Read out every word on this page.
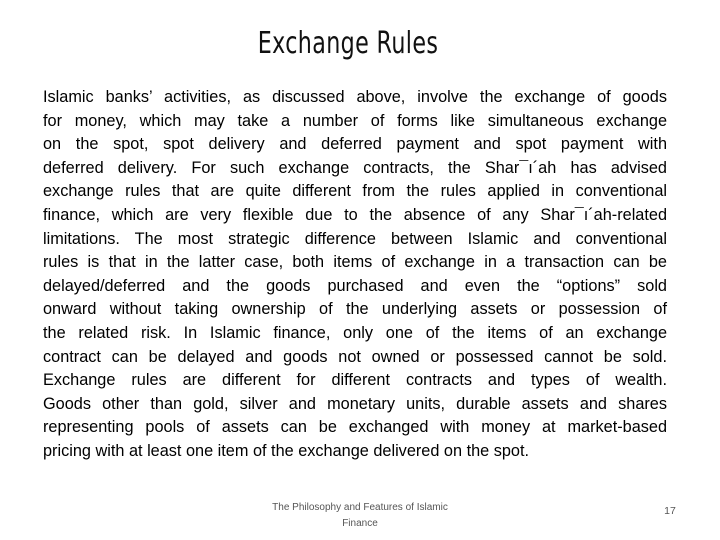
Exchange Rules

Islamic banks’ activities, as discussed above, involve the exchange of goods
for money, which may take a number of forms like simultaneous exchange
on the spot, spot delivery and deferred payment and spot payment with
deferred delivery. For such exchange contracts, the Shar¯ı´ah has advised
exchange rules that are quite different from the rules applied in conventional
finance, which are very flexible due to the absence of any Shar¯ı´ah-related
limitations. The most strategic difference between Islamic and conventional
rules is that in the latter case, both items of exchange in a transaction can be
delayed/deferred and the goods purchased and even the “options” sold
onward without taking ownership of the underlying assets or possession of
the related risk. In Islamic finance, only one of the items of an exchange
contract can be delayed and goods not owned or possessed cannot be sold.
Exchange rules are different for different contracts and types of wealth.
Goods other than gold, silver and monetary units, durable assets and shares
representing pools of assets can be exchanged with money at market-based
pricing with at least one item of the exchange delivered on the spot.

The Philosophy and Features of Islamic
Finance
17
